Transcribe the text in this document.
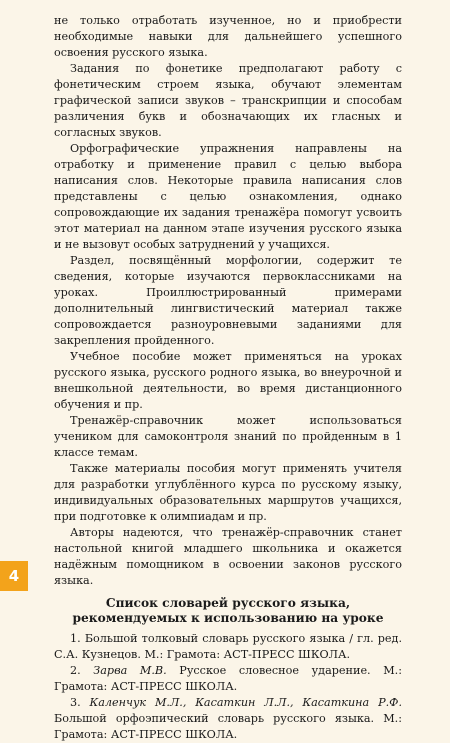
не только отработать изученное, но и приобрести необходимые навыки для дальнейшего успешного освоения русского языка.

Задания по фонетике предполагают работу с фонетическим строем языка, обучают элементам графической записи звуков – транскрипции и способам различения букв и обозначающих их гласных и согласных звуков.

Орфографические упражнения направлены на отработку и применение правил с целью выбора написания слов. Некоторые правила написания слов представлены с целью ознакомления, однако сопровождающие их задания тренажёра помогут усвоить этот материал на данном этапе изучения русского языка и не вызовут особых затруднений у учащихся.

Раздел, посвящённый морфологии, содержит те сведения, которые изучаются первоклассниками на уроках. Проиллюстрированный примерами дополнительный лингвистический материал также сопровождается разноуровневыми заданиями для закрепления пройденного.

Учебное пособие может применяться на уроках русского языка, русского родного языка, во внеурочной и внешкольной деятельности, во время дистанционного обучения и пр.

Тренажёр-справочник может использоваться учеником для самоконтроля знаний по пройденным в 1 классе темам.

Также материалы пособия могут применять учителя для разработки углублённого курса по русскому языку, индивидуальных образовательных маршрутов учащихся, при подготовке к олимпиадам и пр.

Авторы надеются, что тренажёр-справочник станет настольной книгой младшего школьника и окажется надёжным помощником в освоении законов русского языка.

Список словарей русского языка,
рекомендуемых к использованию на уроке

1. Большой толковый словарь русского языка / гл. ред. С.А. Кузнецов. М.: Грамота: АСТ-ПРЕСС ШКОЛА.

2. Зарва М.В. Русское словесное ударение. М.: Грамота: АСТ-ПРЕСС ШКОЛА.

3. Каленчук М.Л., Касаткин Л.Л., Касаткина Р.Ф. Большой орфоэпический словарь русского языка. М.: Грамота: АСТ-ПРЕСС ШКОЛА.

4
